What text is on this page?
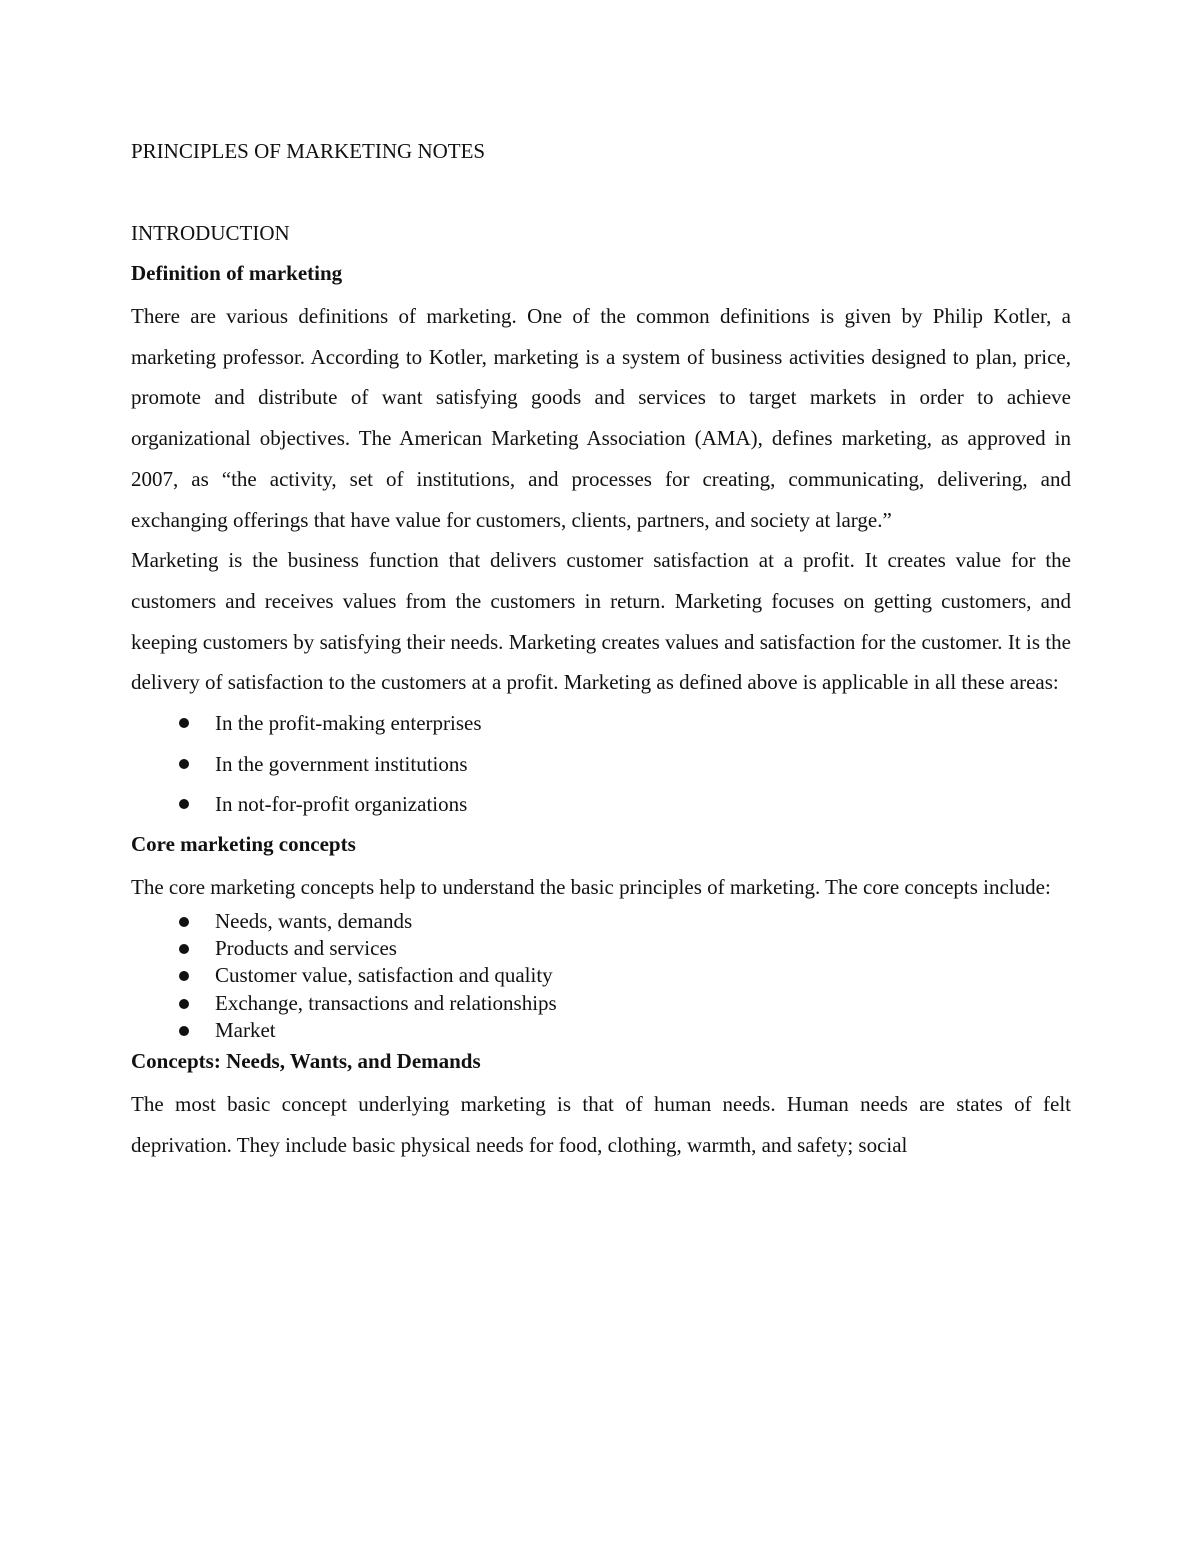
PRINCIPLES OF MARKETING NOTES
INTRODUCTION
Definition of marketing

There are various definitions of marketing. One of the common definitions is given by Philip Kotler, a marketing professor. According to Kotler, marketing is a system of business activities designed to plan, price, promote and distribute of want satisfying goods and services to target markets in order to achieve organizational objectives. The American Marketing Association (AMA), defines marketing, as approved in 2007, as “the activity, set of institutions, and processes for creating, communicating, delivering, and exchanging offerings that have value for customers, clients, partners, and society at large.”

Marketing is the business function that delivers customer satisfaction at a profit. It creates value for the customers and receives values from the customers in return. Marketing focuses on getting customers, and keeping customers by satisfying their needs. Marketing creates values and satisfaction for the customer. It is the delivery of satisfaction to the customers at a profit. Marketing as defined above is applicable in all these areas:

In the profit-making enterprises
In the government institutions
In not-for-profit organizations
Core marketing concepts

The core marketing concepts help to understand the basic principles of marketing. The core concepts include:

Needs, wants, demands
Products and services
Customer value, satisfaction and quality
Exchange, transactions and relationships
Market
Concepts: Needs, Wants, and Demands

The most basic concept underlying marketing is that of human needs. Human needs are states of felt deprivation. They include basic physical needs for food, clothing, warmth, and safety; social
